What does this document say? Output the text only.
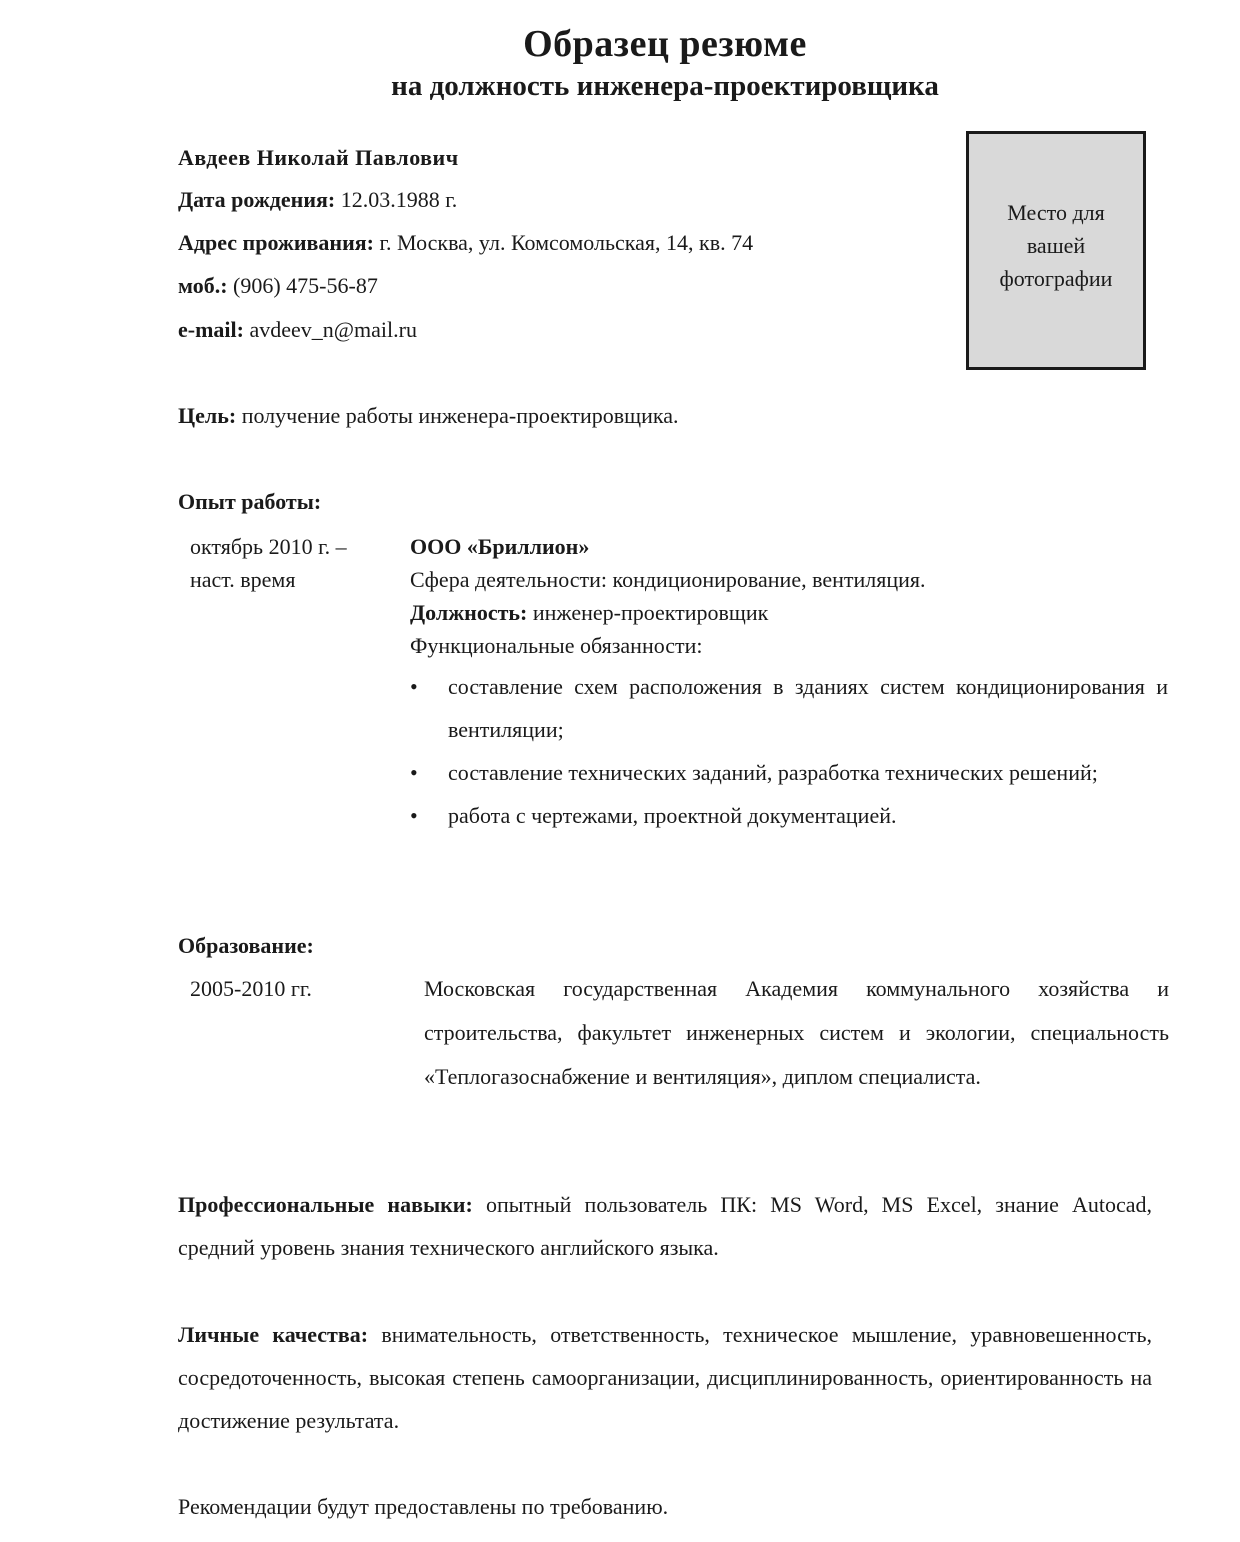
Образец резюме
на должность инженера-проектировщика
Авдеев Николай Павлович
Дата рождения: 12.03.1988 г.
Адрес проживания: г. Москва, ул. Комсомольская, 14, кв. 74
моб.: (906) 475-56-87
e-mail: avdeev_n@mail.ru
Место для
вашей
фотографии
Цель: получение работы инженера-проектировщика.
Опыт работы:
октябрь 2010 г. –
наст. время
ООО «Бриллион»
Сфера деятельности: кондиционирование, вентиляция.
Должность: инженер-проектировщик
Функциональные обязанности:
• составление схем расположения в зданиях систем кондиционирования и вентиляции;
• составление технических заданий, разработка технических решений;
• работа с чертежами, проектной документацией.
Образование:
2005-2010 гг.	Московская государственная Академия коммунального хозяйства и строительства, факультет инженерных систем и экологии, специальность «Теплогазоснабжение и вентиляция», диплом специалиста.
Профессиональные навыки: опытный пользователь ПК: MS Word, MS Excel, знание Autocad, средний уровень знания технического английского языка.
Личные качества: внимательность, ответственность, техническое мышление, уравновешенность, сосредоточенность, высокая степень самоорганизации, дисциплинированность, ориентированность на достижение результата.
Рекомендации будут предоставлены по требованию.
